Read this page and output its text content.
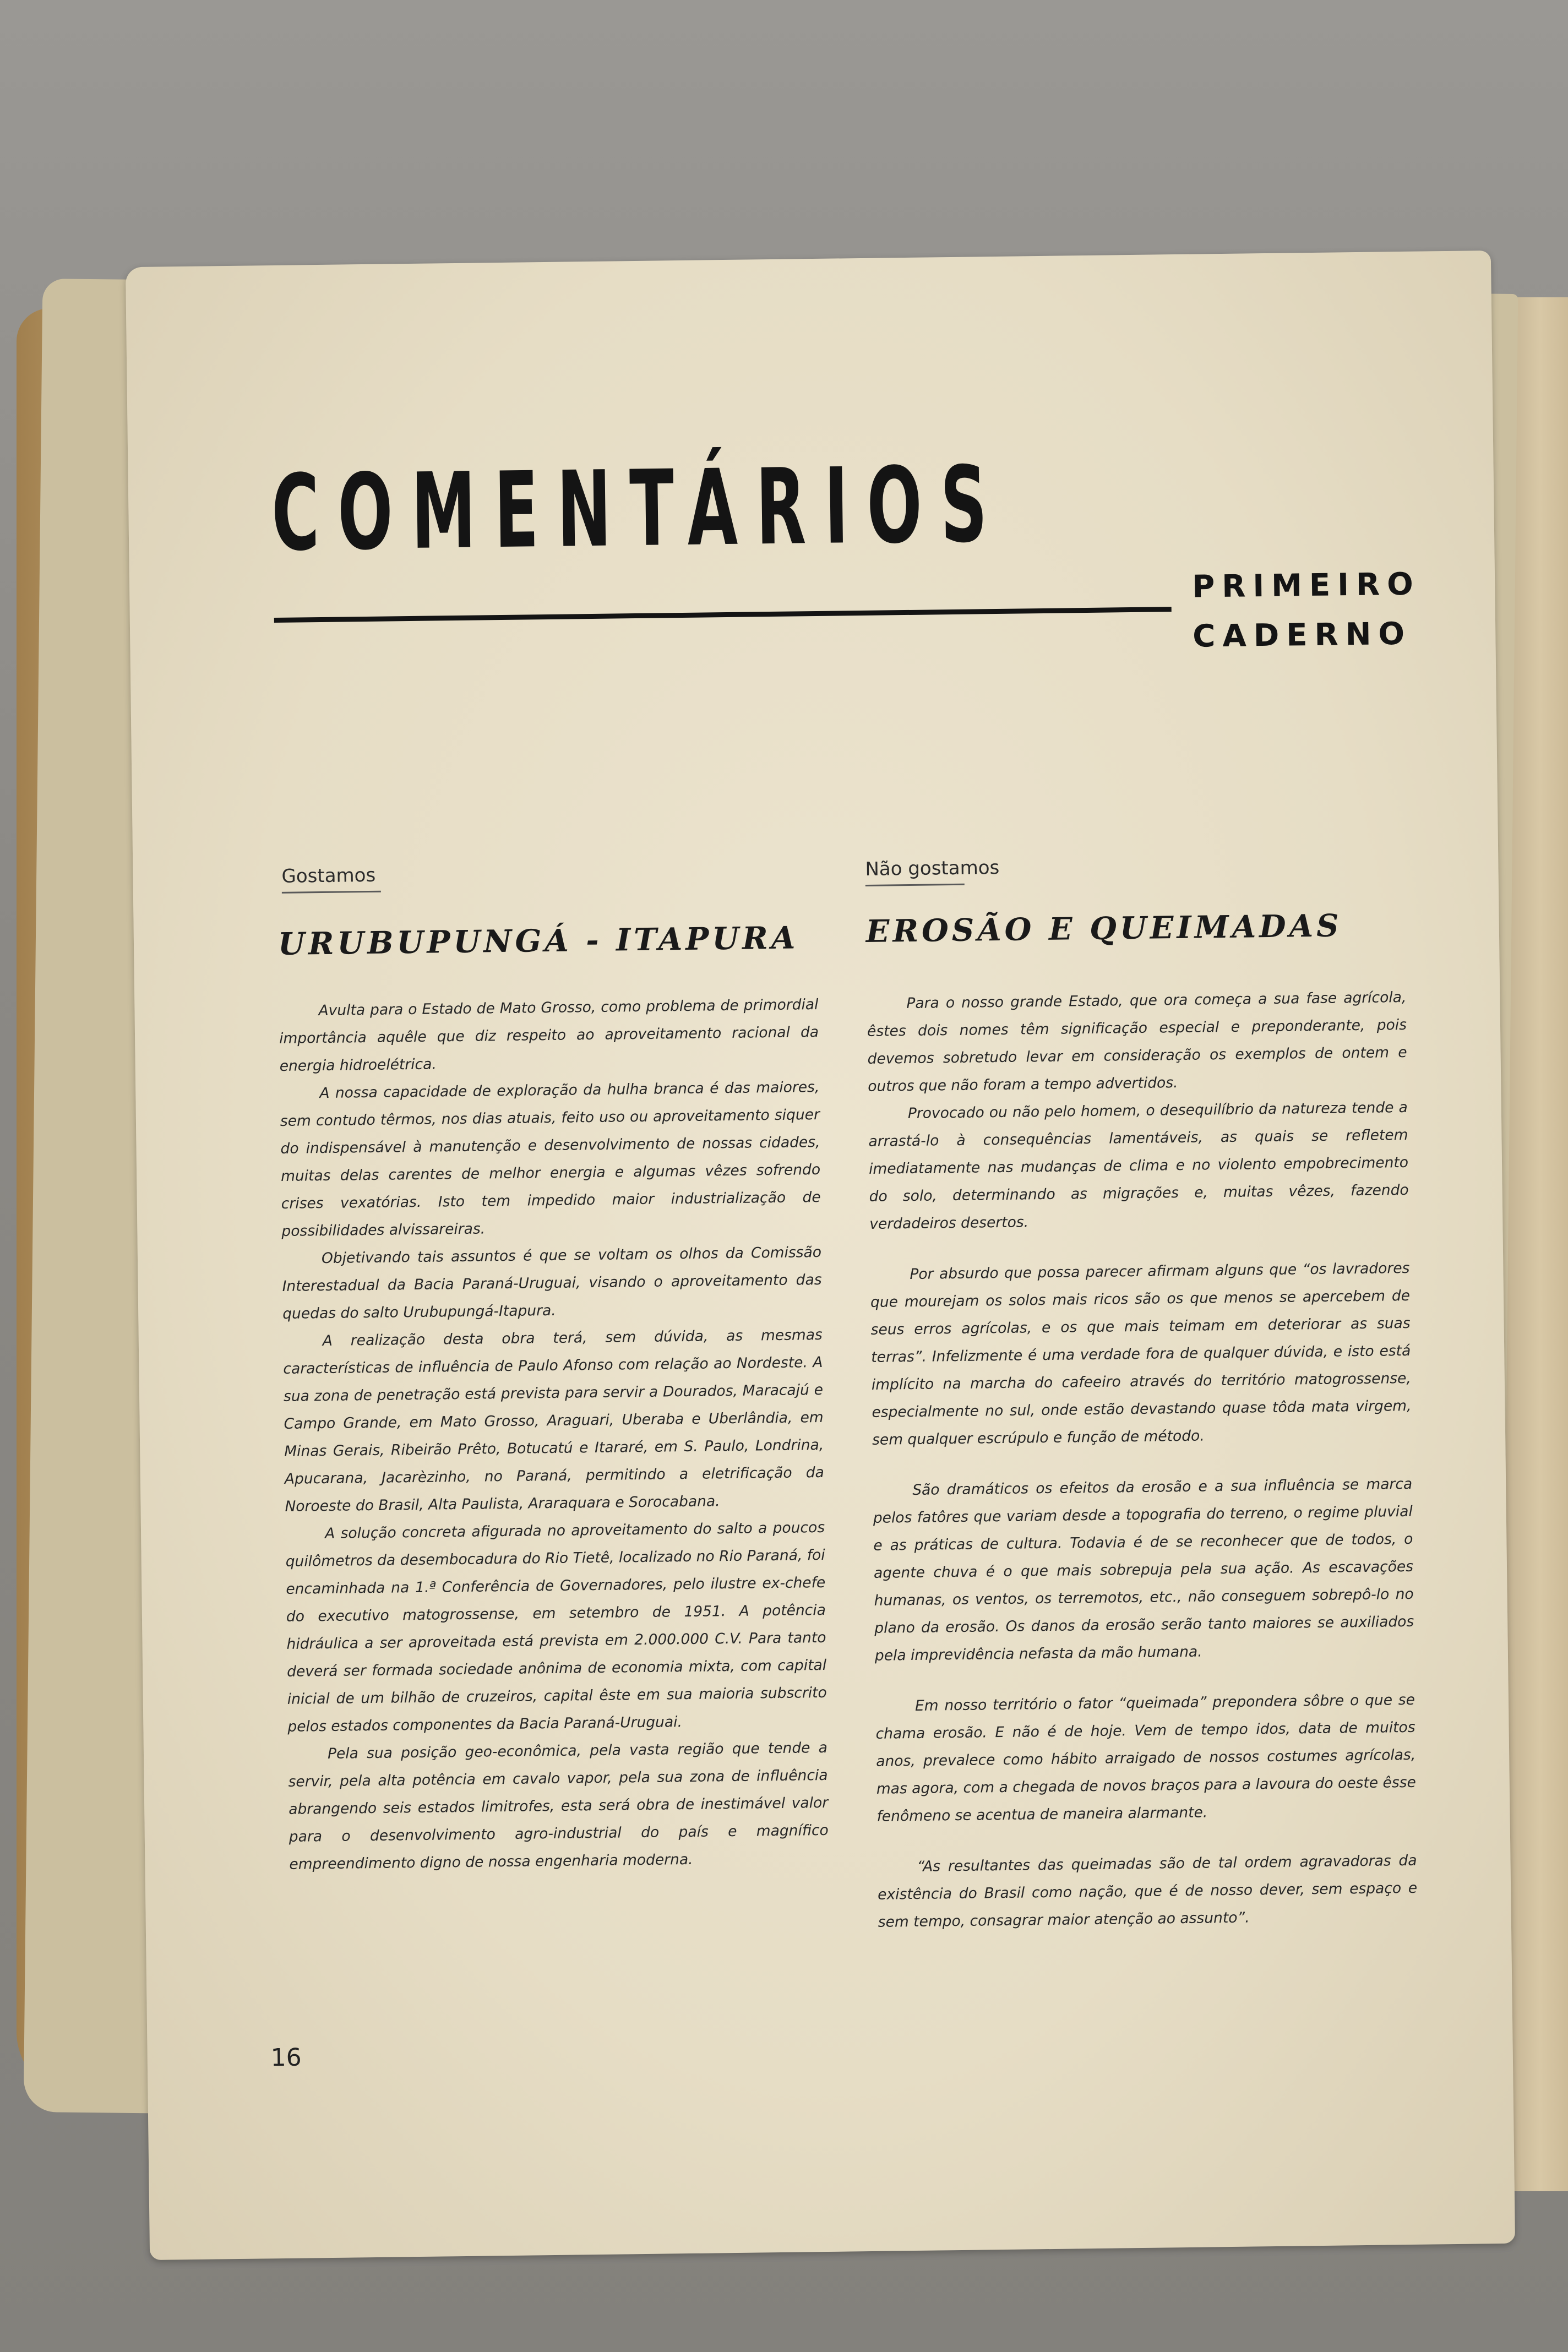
COMENTÁRIOS
PRIMEIRO
CADERNO
Gostamos
URUBUPUNGÁ - ITAPURA

Avulta para o Estado de Mato Grosso, como problema de primordial importância aquêle que diz respeito ao aproveitamento racional da energia hidroelétrica.

A nossa capacidade de exploração da hulha branca é das maiores, sem contudo têrmos, nos dias atuais, feito uso ou aproveitamento siquer do indispensável à manutenção e desenvolvimento de nossas cidades, muitas delas carentes de melhor energia e algumas vêzes sofrendo crises vexatórias. Isto tem impedido maior industrialização de possibilidades alvissareiras.

Objetivando tais assuntos é que se voltam os olhos da Comissão Interestadual da Bacia Paraná-Uruguai, visando o aproveitamento das quedas do salto Urubupungá-Itapura.

A realização desta obra terá, sem dúvida, as mesmas características de influência de Paulo Afonso com relação ao Nordeste. A sua zona de penetração está prevista para servir a Dourados, Maracajú e Campo Grande, em Mato Grosso, Araguari, Uberaba e Uberlândia, em Minas Gerais, Ribeirão Prêto, Botucatú e Itararé, em S. Paulo, Londrina, Apucarana, Jacarèzinho, no Paraná, permitindo a eletrificação da Noroeste do Brasil, Alta Paulista, Araraquara e Sorocabana.

A solução concreta afigurada no aproveitamento do salto a poucos quilômetros da desembocadura do Rio Tietê, localizado no Rio Paraná, foi encaminhada na 1.ª Conferência de Governadores, pelo ilustre ex-chefe do executivo matogrossense, em setembro de 1951. A potência hidráulica a ser aproveitada está prevista em 2.000.000 C.V. Para tanto deverá ser formada sociedade anônima de economia mixta, com capital inicial de um bilhão de cruzeiros, capital êste em sua maioria subscrito pelos estados componentes da Bacia Paraná-Uruguai.

Pela sua posição geo-econômica, pela vasta região que tende a servir, pela alta potência em cavalo vapor, pela sua zona de influência abrangendo seis estados limitrofes, esta será obra de inestimável valor para o desenvolvimento agro-industrial do país e magnífico empreendimento digno de nossa engenharia moderna.

Não gostamos
EROSÃO E QUEIMADAS

Para o nosso grande Estado, que ora começa a sua fase agrícola, êstes dois nomes têm significação especial e preponderante, pois devemos sobretudo levar em consideração os exemplos de ontem e outros que não foram a tempo advertidos.

Provocado ou não pelo homem, o desequilíbrio da natureza tende a arrastá-lo à consequências lamentáveis, as quais se refletem imediatamente nas mudanças de clima e no violento empobrecimento do solo, determinando as migrações e, muitas vêzes, fazendo verdadeiros desertos.

Por absurdo que possa parecer afirmam alguns que “os lavradores que mourejam os solos mais ricos são os que menos se apercebem de seus erros agrícolas, e os que mais teimam em deteriorar as suas terras”. Infelizmente é uma verdade fora de qualquer dúvida, e isto está implícito na marcha do cafeeiro através do território matogrossense, especialmente no sul, onde estão devastando quase tôda mata virgem, sem qualquer escrúpulo e função de método.

São dramáticos os efeitos da erosão e a sua influência se marca pelos fatôres que variam desde a topografia do terreno, o regime pluvial e as práticas de cultura. Todavia é de se reconhecer que de todos, o agente chuva é o que mais sobrepuja pela sua ação. As escavações humanas, os ventos, os terremotos, etc., não conseguem sobrepô-lo no plano da erosão. Os danos da erosão serão tanto maiores se auxiliados pela imprevidência nefasta da mão humana.

Em nosso território o fator “queimada” prepondera sôbre o que se chama erosão. E não é de hoje. Vem de tempo idos, data de muitos anos, prevalece como hábito arraigado de nossos costumes agrícolas, mas agora, com a chegada de novos braços para a lavoura do oeste êsse fenômeno se acentua de maneira alarmante.

“As resultantes das queimadas são de tal ordem agravadoras da existência do Brasil como nação, que é de nosso dever, sem espaço e sem tempo, consagrar maior atenção ao assunto”.

16
